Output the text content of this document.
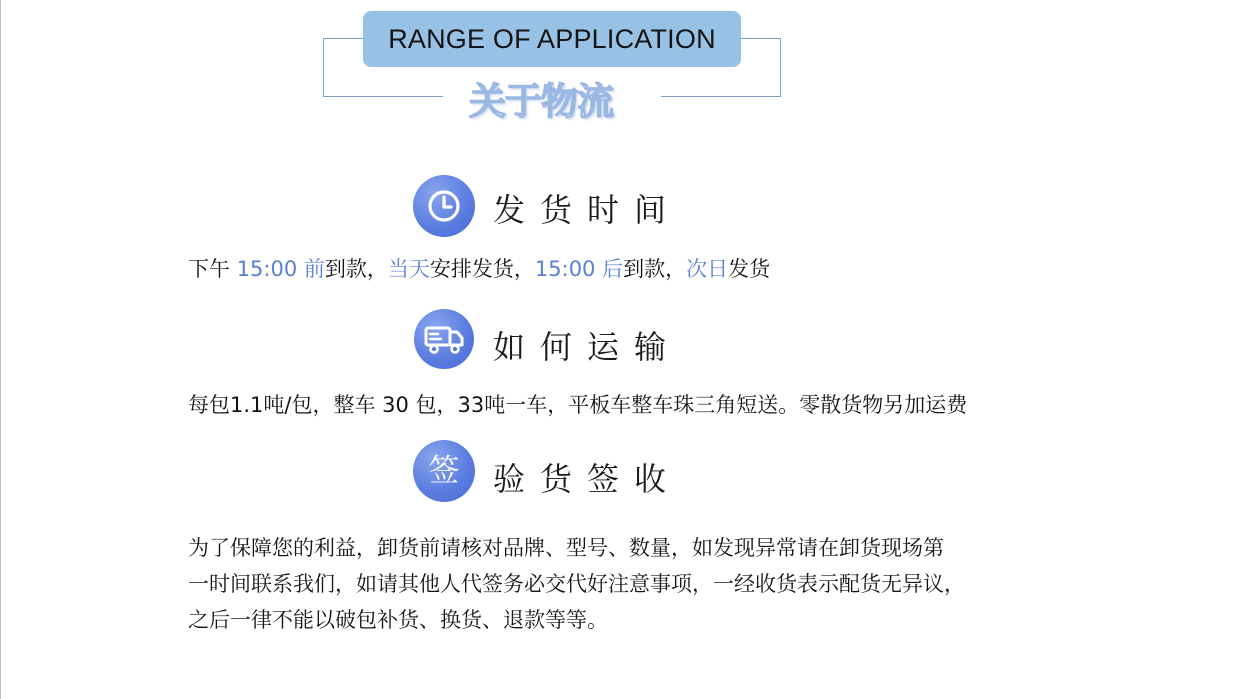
RANGE OF APPLICATION
关于物流
发货时间
下午 15:00 前到款，当天安排发货，15:00 后到款，次日发货
如何运输
每包1.1吨/包，整车 30 包，33吨一车，平板车整车珠三角短送。零散货物另加运费
签 验货签收
为了保障您的利益，卸货前请核对品牌、型号、数量，如发现异常请在卸货现场第
一时间联系我们，如请其他人代签务必交代好注意事项，一经收货表示配货无异议，
之后一律不能以破包补货、换货、退款等等。
